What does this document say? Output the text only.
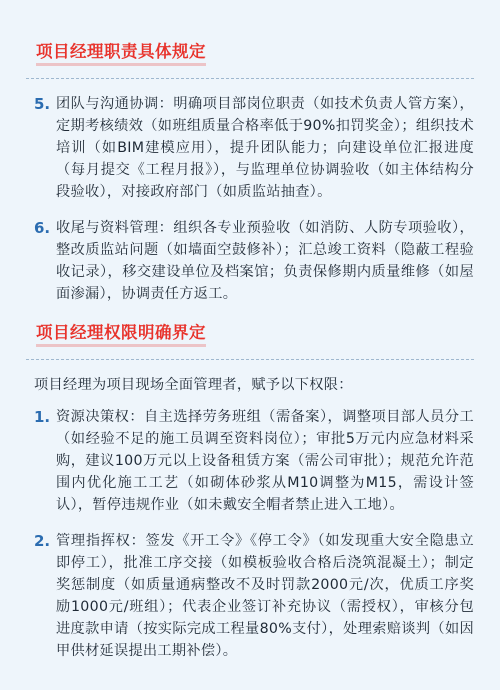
项目经理职责具体规定
5. 团队与沟通协调：明确项目部岗位职责（如技术负责人管方案），定期考核绩效（如班组质量合格率低于90%扣罚奖金）；组织技术培训（如BIM建模应用），提升团队能力；向建设单位汇报进度（每月提交《工程月报》），与监理单位协调验收（如主体结构分段验收），对接政府部门（如质监站抽查）。
6. 收尾与资料管理：组织各专业预验收（如消防、人防专项验收），整改质监站问题（如墙面空鼓修补）；汇总竣工资料（隐蔽工程验收记录），移交建设单位及档案馆；负责保修期内质量维修（如屋面渗漏），协调责任方返工。
项目经理权限明确界定

项目经理为项目现场全面管理者，赋予以下权限：

1. 资源决策权：自主选择劳务班组（需备案），调整项目部人员分工（如经验不足的施工员调至资料岗位）；审批5万元内应急材料采购，建议100万元以上设备租赁方案（需公司审批）；规范允许范围内优化施工工艺（如砌体砂浆从M10调整为M15，需设计签认），暂停违规作业（如未戴安全帽者禁止进入工地）。
2. 管理指挥权：签发《开工令》《停工令》（如发现重大安全隐患立即停工），批准工序交接（如模板验收合格后浇筑混凝土）；制定奖惩制度（如质量通病整改不及时罚款2000元/次，优质工序奖励1000元/班组）；代表企业签订补充协议（需授权），审核分包进度款申请（按实际完成工程量80%支付），处理索赔谈判（如因甲供材延误提出工期补偿）。
